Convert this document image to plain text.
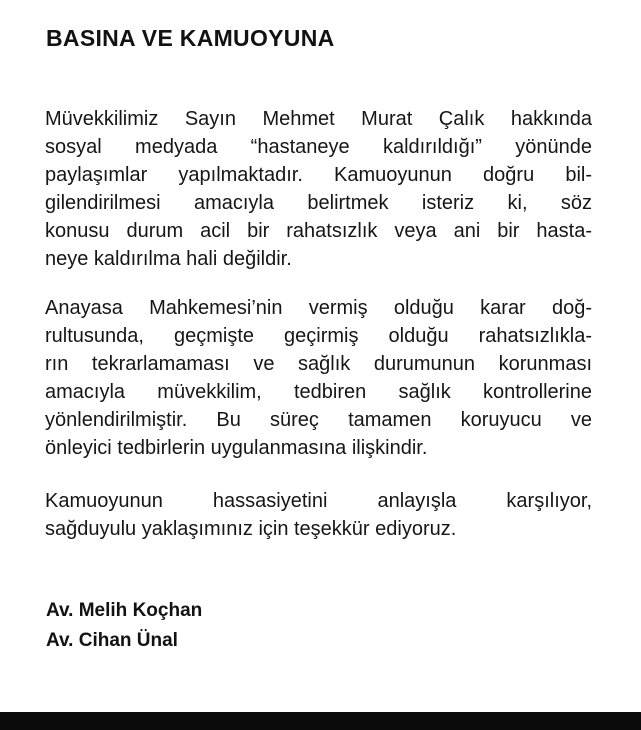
BASINA VE KAMUOYUNA
Müvekkilimiz Sayın Mehmet Murat Çalık hakkında
sosyal medyada “hastaneye kaldırıldığı” yönünde
paylaşımlar yapılmaktadır. Kamuoyunun doğru bil-
gilendirilmesi amacıyla belirtmek isteriz ki, söz
konusu durum acil bir rahatsızlık veya ani bir hasta-
neye kaldırılma hali değildir.
Anayasa Mahkemesi’nin vermiş olduğu karar doğ-
rultusunda, geçmişte geçirmiş olduğu rahatsızlıkla-
rın tekrarlamaması ve sağlık durumunun korunması
amacıyla müvekkilim, tedbiren sağlık kontrollerine
yönlendirilmiştir. Bu süreç tamamen koruyucu ve
önleyici tedbirlerin uygulanmasına ilişkindir.
Kamuoyunun hassasiyetini anlayışla karşılıyor,
sağduyulu yaklaşımınız için teşekkür ediyoruz.
Av. Melih Koçhan
Av. Cihan Ünal
